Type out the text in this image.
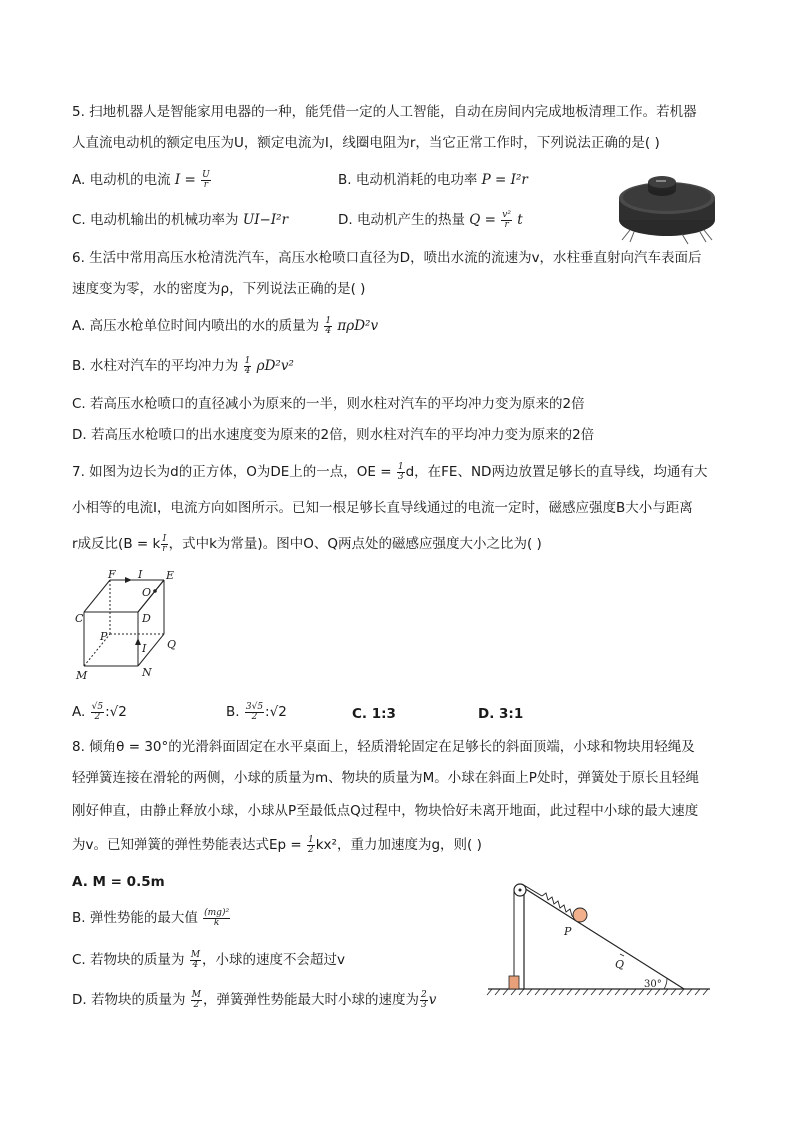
5. 扫地机器人是智能家用电器的一种，能凭借一定的人工智能，自动在房间内完成地板清理工作。若机器
人直流电动机的额定电压为U，额定电流为I，线圈电阻为r，当它正常工作时，下列说法正确的是( )
A. 电动机的电流 $I = \frac{U}{r}$	B. 电动机消耗的电功率 P = I²r
C. 电动机输出的机械功率为 UI−I²r	D. 电动机产生的热量 $Q = \frac{\text{v²}}{r}$ t
6. 生活中常用高压水枪清洗汽车，高压水枪喷口直径为D，喷出水流的流速为v，水柱垂直射向汽车表面后
速度变为零，水的密度为ρ，下列说法正确的是( )
A. 高压水枪单位时间内喷出的水的质量为 $\frac{1}{4} \pi\rho D^2v$
B. 水柱对汽车的平均冲力为 $\frac{1}{4} \rho D^2v^2$
C. 若高压水枪喷口的直径减小为原来的一半，则水柱对汽车的平均冲力变为原来的2倍
D. 若高压水枪喷口的出水速度变为原来的2倍，则水柱对汽车的平均冲力变为原来的2倍
7. 如图为边长为d的正方体，O为DE上的一点，OE = $\frac{1}{3}$ d，在FE、ND两边放置足够长的直导线，均通有大
小相等的电流I，电流方向如图所示。已知一根足够长直导线通过的电流一定时，磁感应强度B大小与距离
r成反比(B = k $\frac{I}{r}$ ，式中k为常量)。图中O、Q两点处的磁感应强度大小之比为( )
C
F I E
O
D
P
Q
I
M	N
A. $\frac{√5}{2}$ :√2	B. $\frac{3√5}{2}$ :√2	C. 1:3	D. 3:1
8. 倾角θ = 30°的光滑斜面固定在水平桌面上，轻质滑轮固定在足够长的斜面顶端，小球和物块用轻绳及
轻弹簧连接在滑轮的两侧，小球的质量为m、物块的质量为M。小球在斜面上P处时，弹簧处于原长且轻绳
刚好伸直，由静止释放小球，小球从P至最低点Q过程中，物块恰好未离开地面，此过程中小球的最大速度
为v。已知弹簧的弹性势能表达式$Ep = \frac{1}{2} kx^2$，重力加速度为g，则( )
A. M = 0.5m
B. 弹性势能的最大值 $\frac{\text{(mg)²}}{k}$
C. 若物块的质量为 $\frac{M}{4}$ ，小球的速度不会超过v
D. 若物块的质量为 $\frac{M}{2}$ ，弹簧弹性势能最大时小球的速度为 $\frac{2}{3}$ v
P
Q
30°
